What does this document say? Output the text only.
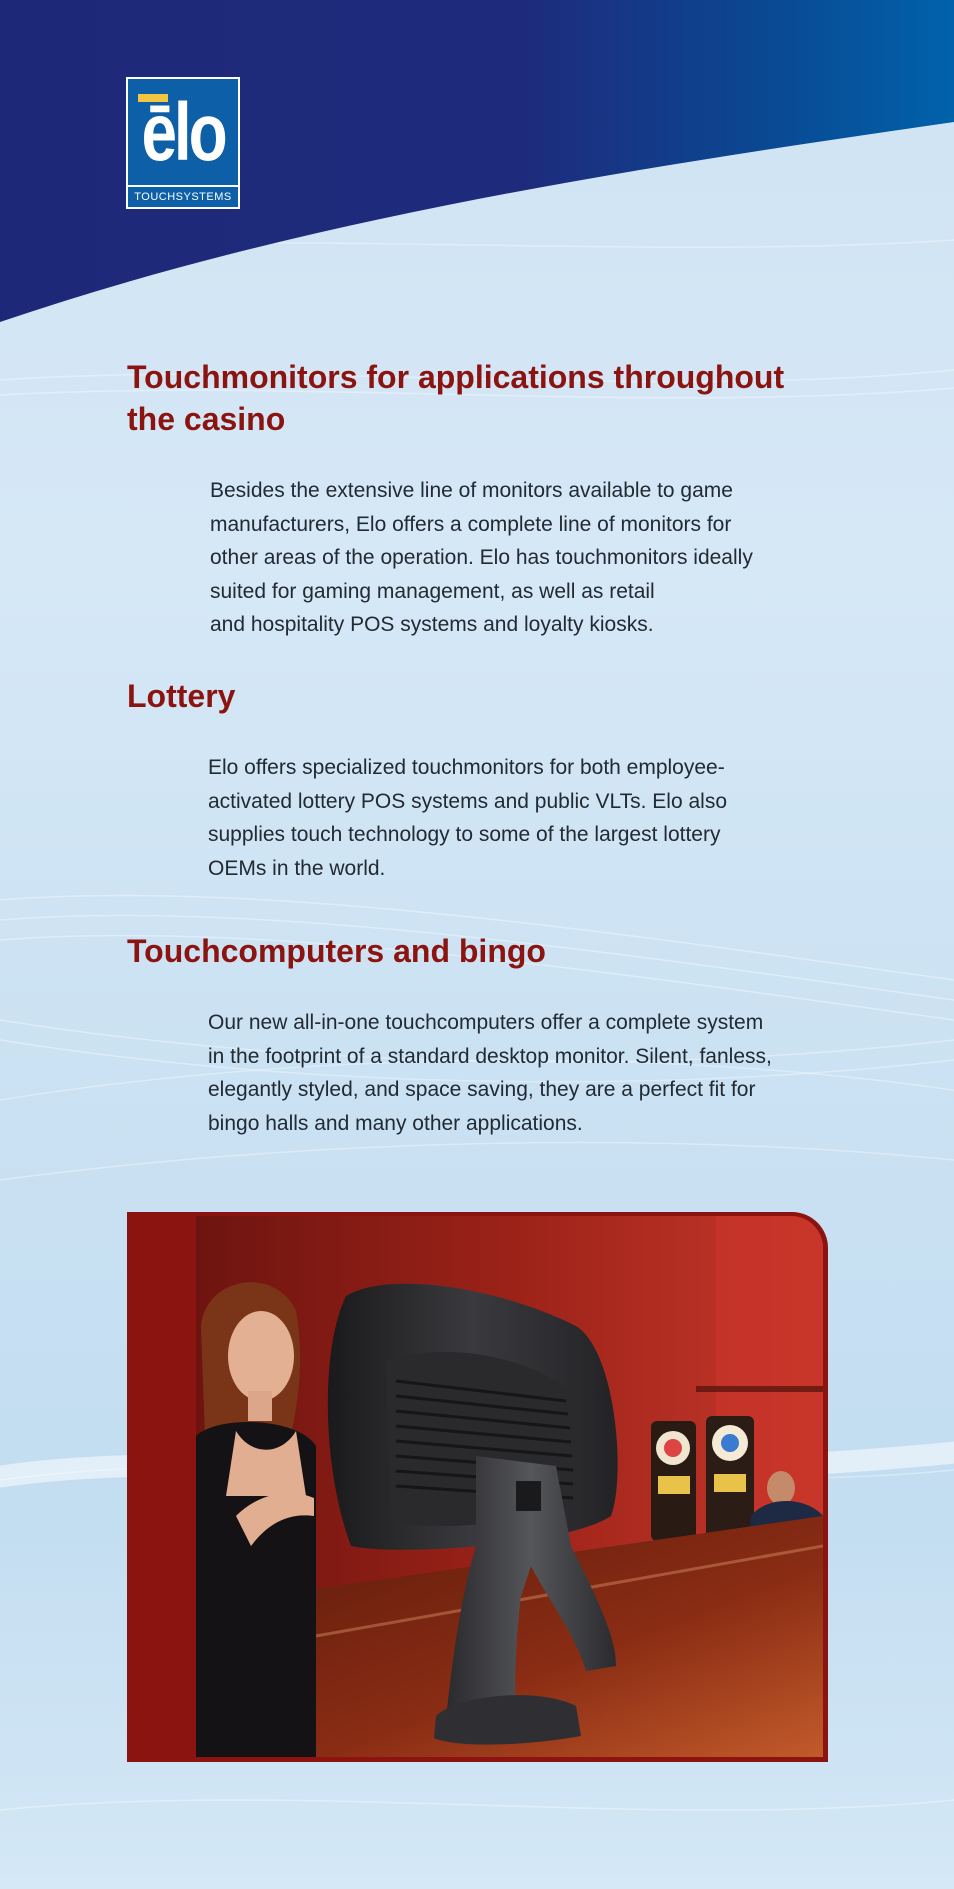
ēlo
TOUCHSYSTEMS
Touchmonitors for applications throughout
the casino

Besides the extensive line of monitors available to game
manufacturers, Elo offers a complete line of monitors for
other areas of the operation. Elo has touchmonitors ideally
suited for gaming management, as well as retail
and hospitality POS systems and loyalty kiosks.

Lottery

Elo offers specialized touchmonitors for both employee-
activated lottery POS systems and public VLTs. Elo also
supplies touch technology to some of the largest lottery
OEMs in the world.

Touchcomputers and bingo

Our new all-in-one touchcomputers offer a complete system
in the footprint of a standard desktop monitor. Silent, fanless,
elegantly styled, and space saving, they are a perfect fit for
bingo halls and many other applications.
